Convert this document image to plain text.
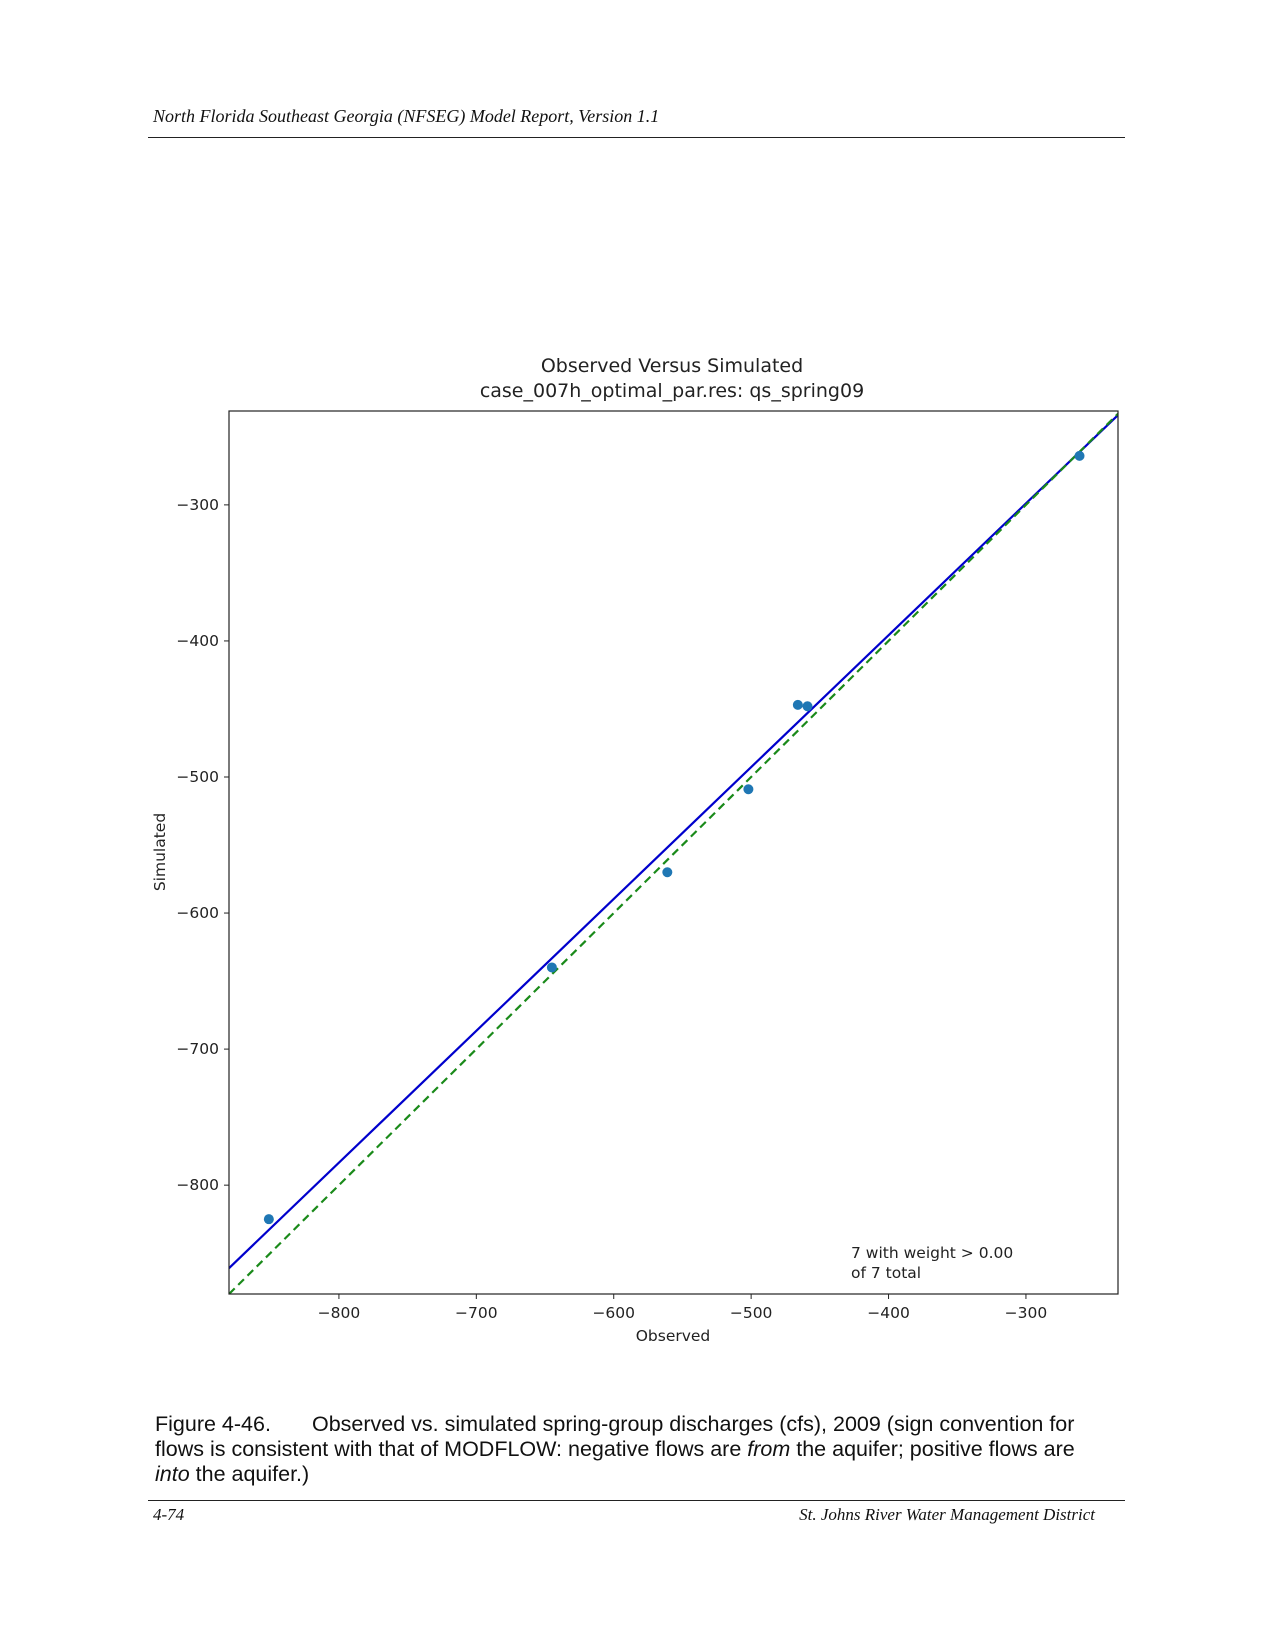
North Florida Southeast Georgia (NFSEG) Model Report, Version 1.1
Observed Versus Simulated
case_007h_optimal_par.res: qs_spring09
−800	−700	−600	−500	−400	−300
−300
−400
−500
−600
−700
−800
Observed
Simulated
7 with weight > 0.00
of 7 total
Figure 4-46. Observed vs. simulated spring-group discharges (cfs), 2009 (sign convention for flows is consistent with that of MODFLOW: negative flows are from the aquifer; positive flows are into the aquifer.)
4-74	St. Johns River Water Management District
